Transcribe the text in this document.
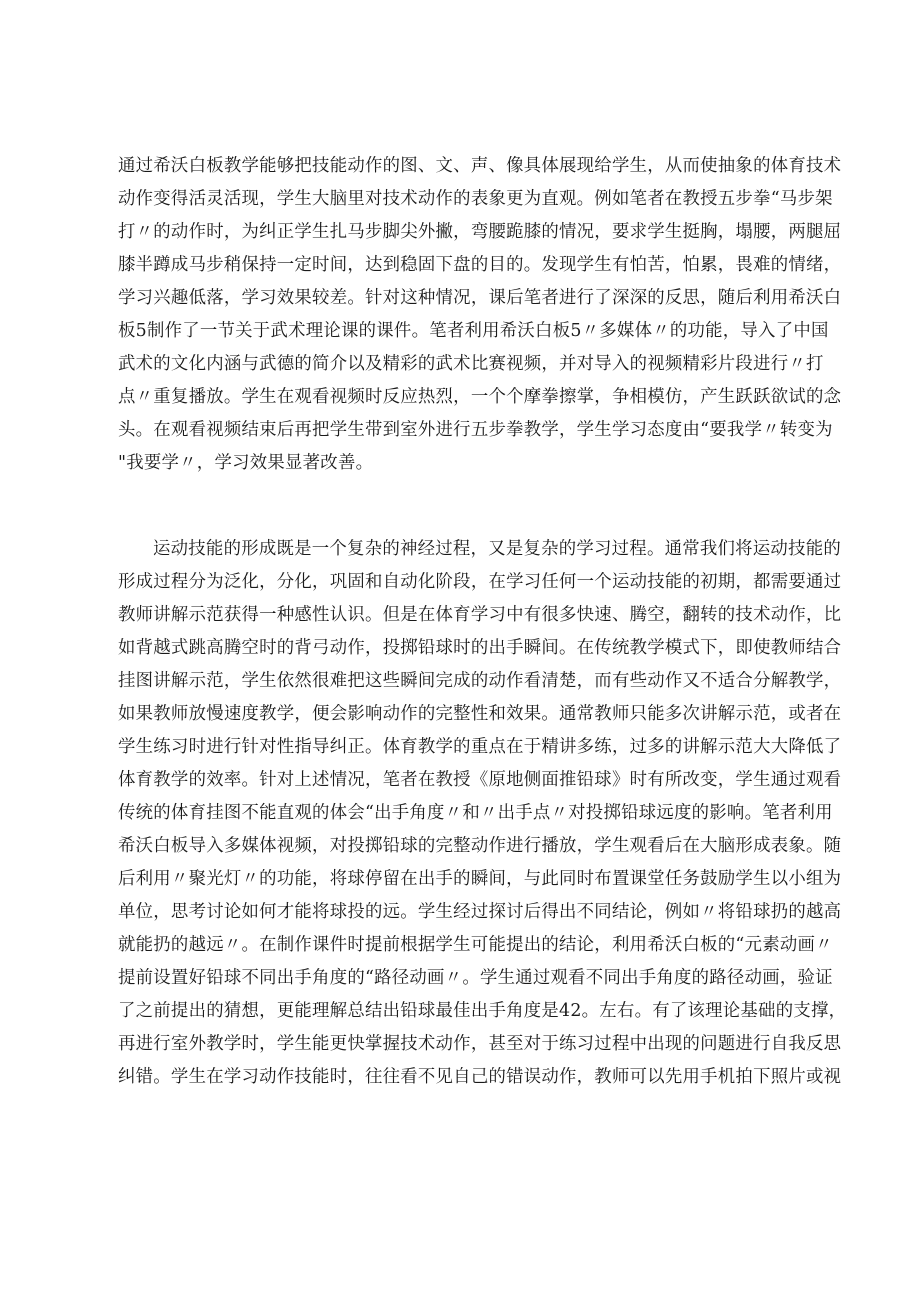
通过希沃白板教学能够把技能动作的图、文、声、像具体展现给学生，从而使抽象的体育技术
动作变得活灵活现，学生大脑里对技术动作的表象更为直观。例如笔者在教授五步拳“马步架
打〃的动作时，为纠正学生扎马步脚尖外撇，弯腰跪膝的情况，要求学生挺胸，塌腰，两腿屈
膝半蹲成马步稍保持一定时间，达到稳固下盘的目的。发现学生有怕苦，怕累，畏难的情绪，
学习兴趣低落，学习效果较差。针对这种情况，课后笔者进行了深深的反思，随后利用希沃白
板5制作了一节关于武术理论课的课件。笔者利用希沃白板5〃多媒体〃的功能，导入了中国
武术的文化内涵与武德的简介以及精彩的武术比赛视频，并对导入的视频精彩片段进行〃打
点〃重复播放。学生在观看视频时反应热烈，一个个摩拳擦掌，争相模仿，产生跃跃欲试的念
头。在观看视频结束后再把学生带到室外进行五步拳教学，学生学习态度由“要我学〃转变为
"我要学〃，学习效果显著改善。
运动技能的形成既是一个复杂的神经过程，又是复杂的学习过程。通常我们将运动技能的
形成过程分为泛化，分化，巩固和自动化阶段，在学习任何一个运动技能的初期，都需要通过
教师讲解示范获得一种感性认识。但是在体育学习中有很多快速、腾空，翻转的技术动作，比
如背越式跳高腾空时的背弓动作，投掷铅球时的出手瞬间。在传统教学模式下，即使教师结合
挂图讲解示范，学生依然很难把这些瞬间完成的动作看清楚，而有些动作又不适合分解教学，
如果教师放慢速度教学，便会影响动作的完整性和效果。通常教师只能多次讲解示范，或者在
学生练习时进行针对性指导纠正。体育教学的重点在于精讲多练，过多的讲解示范大大降低了
体育教学的效率。针对上述情况，笔者在教授《原地侧面推铅球》时有所改变，学生通过观看
传统的体育挂图不能直观的体会“出手角度〃和〃出手点〃对投掷铅球远度的影响。笔者利用
希沃白板导入多媒体视频，对投掷铅球的完整动作进行播放，学生观看后在大脑形成表象。随
后利用〃聚光灯〃的功能，将球停留在出手的瞬间，与此同时布置课堂任务鼓励学生以小组为
单位，思考讨论如何才能将球投的远。学生经过探讨后得出不同结论，例如〃将铅球扔的越高
就能扔的越远〃。在制作课件时提前根据学生可能提出的结论，利用希沃白板的“元素动画〃
提前设置好铅球不同出手角度的“路径动画〃。学生通过观看不同出手角度的路径动画，验证
了之前提出的猜想，更能理解总结出铅球最佳出手角度是42。左右。有了该理论基础的支撑，
再进行室外教学时，学生能更快掌握技术动作，甚至对于练习过程中出现的问题进行自我反思
纠错。学生在学习动作技能时，往往看不见自己的错误动作，教师可以先用手机拍下照片或视
